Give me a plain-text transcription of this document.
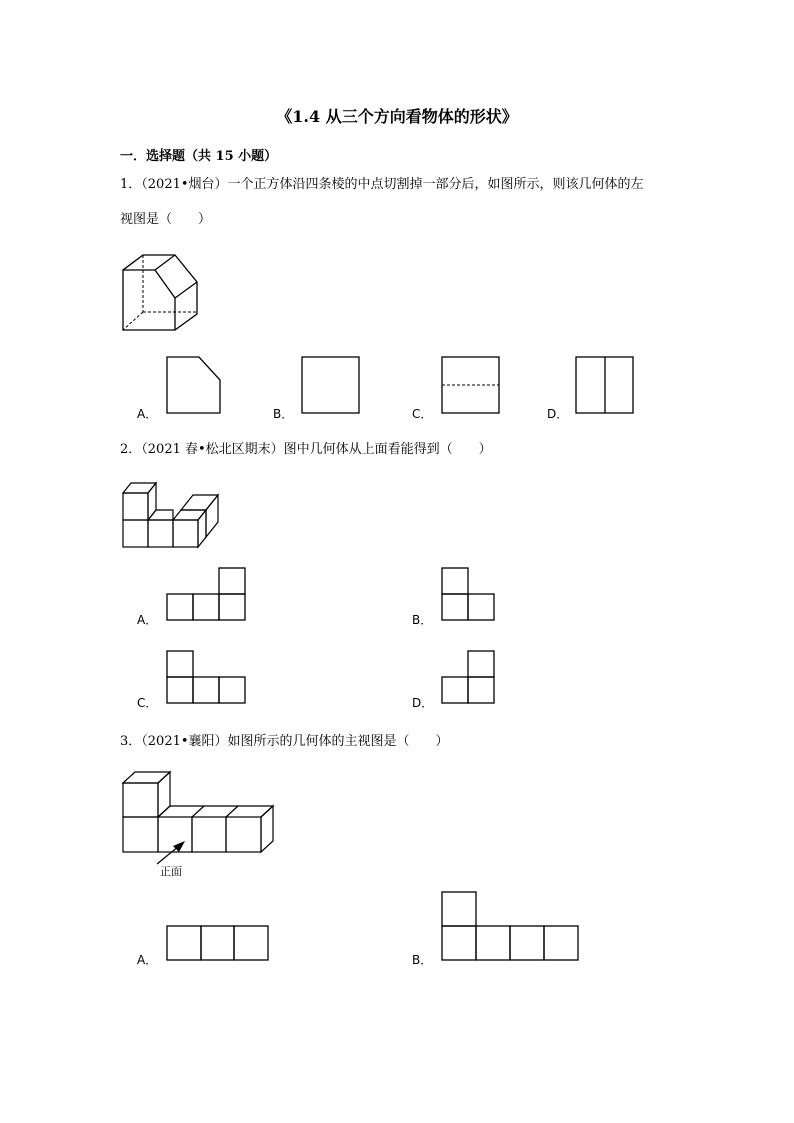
《1.4 从三个方向看物体的形状》
一．选择题（共 15 小题）
1．（2021•烟台）一个正方体沿四条棱的中点切割掉一部分后，如图所示，则该几何体的左
视图是（　　）
A．	B．	C．	D．
2．（2021 春•松北区期末）图中几何体从上面看能得到（　　）
A．	B．
C．	D．
3．（2021•襄阳）如图所示的几何体的主视图是（　　）
正面
A．	B．
